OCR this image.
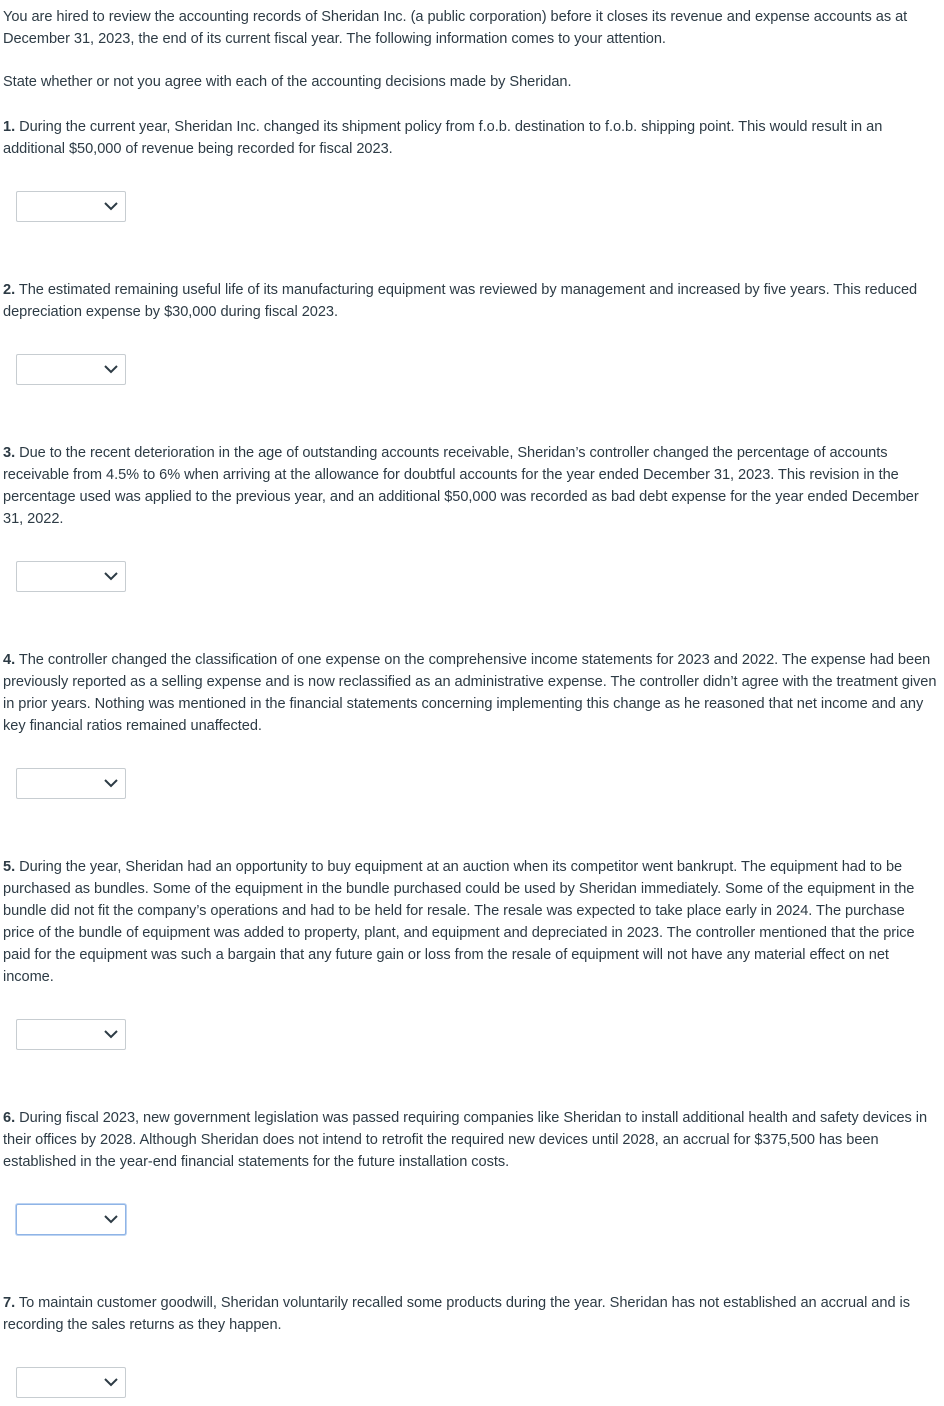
You are hired to review the accounting records of Sheridan Inc. (a public corporation) before it closes its revenue and expense accounts as at December 31, 2023, the end of its current fiscal year. The following information comes to your attention.

State whether or not you agree with each of the accounting decisions made by Sheridan.

1. During the current year, Sheridan Inc. changed its shipment policy from f.o.b. destination to f.o.b. shipping point. This would result in an additional $50,000 of revenue being recorded for fiscal 2023.

2. The estimated remaining useful life of its manufacturing equipment was reviewed by management and increased by five years. This reduced depreciation expense by $30,000 during fiscal 2023.

3. Due to the recent deterioration in the age of outstanding accounts receivable, Sheridan’s controller changed the percentage of accounts receivable from 4.5% to 6% when arriving at the allowance for doubtful accounts for the year ended December 31, 2023. This revision in the percentage used was applied to the previous year, and an additional $50,000 was recorded as bad debt expense for the year ended December 31, 2022.

4. The controller changed the classification of one expense on the comprehensive income statements for 2023 and 2022. The expense had been previously reported as a selling expense and is now reclassified as an administrative expense. The controller didn’t agree with the treatment given in prior years. Nothing was mentioned in the financial statements concerning implementing this change as he reasoned that net income and any key financial ratios remained unaffected.

5. During the year, Sheridan had an opportunity to buy equipment at an auction when its competitor went bankrupt. The equipment had to be purchased as bundles. Some of the equipment in the bundle purchased could be used by Sheridan immediately. Some of the equipment in the bundle did not fit the company’s operations and had to be held for resale. The resale was expected to take place early in 2024. The purchase price of the bundle of equipment was added to property, plant, and equipment and depreciated in 2023. The controller mentioned that the price paid for the equipment was such a bargain that any future gain or loss from the resale of equipment will not have any material effect on net income.

6. During fiscal 2023, new government legislation was passed requiring companies like Sheridan to install additional health and safety devices in their offices by 2028. Although Sheridan does not intend to retrofit the required new devices until 2028, an accrual for $375,500 has been established in the year-end financial statements for the future installation costs.

7. To maintain customer goodwill, Sheridan voluntarily recalled some products during the year. Sheridan has not established an accrual and is recording the sales returns as they happen.
